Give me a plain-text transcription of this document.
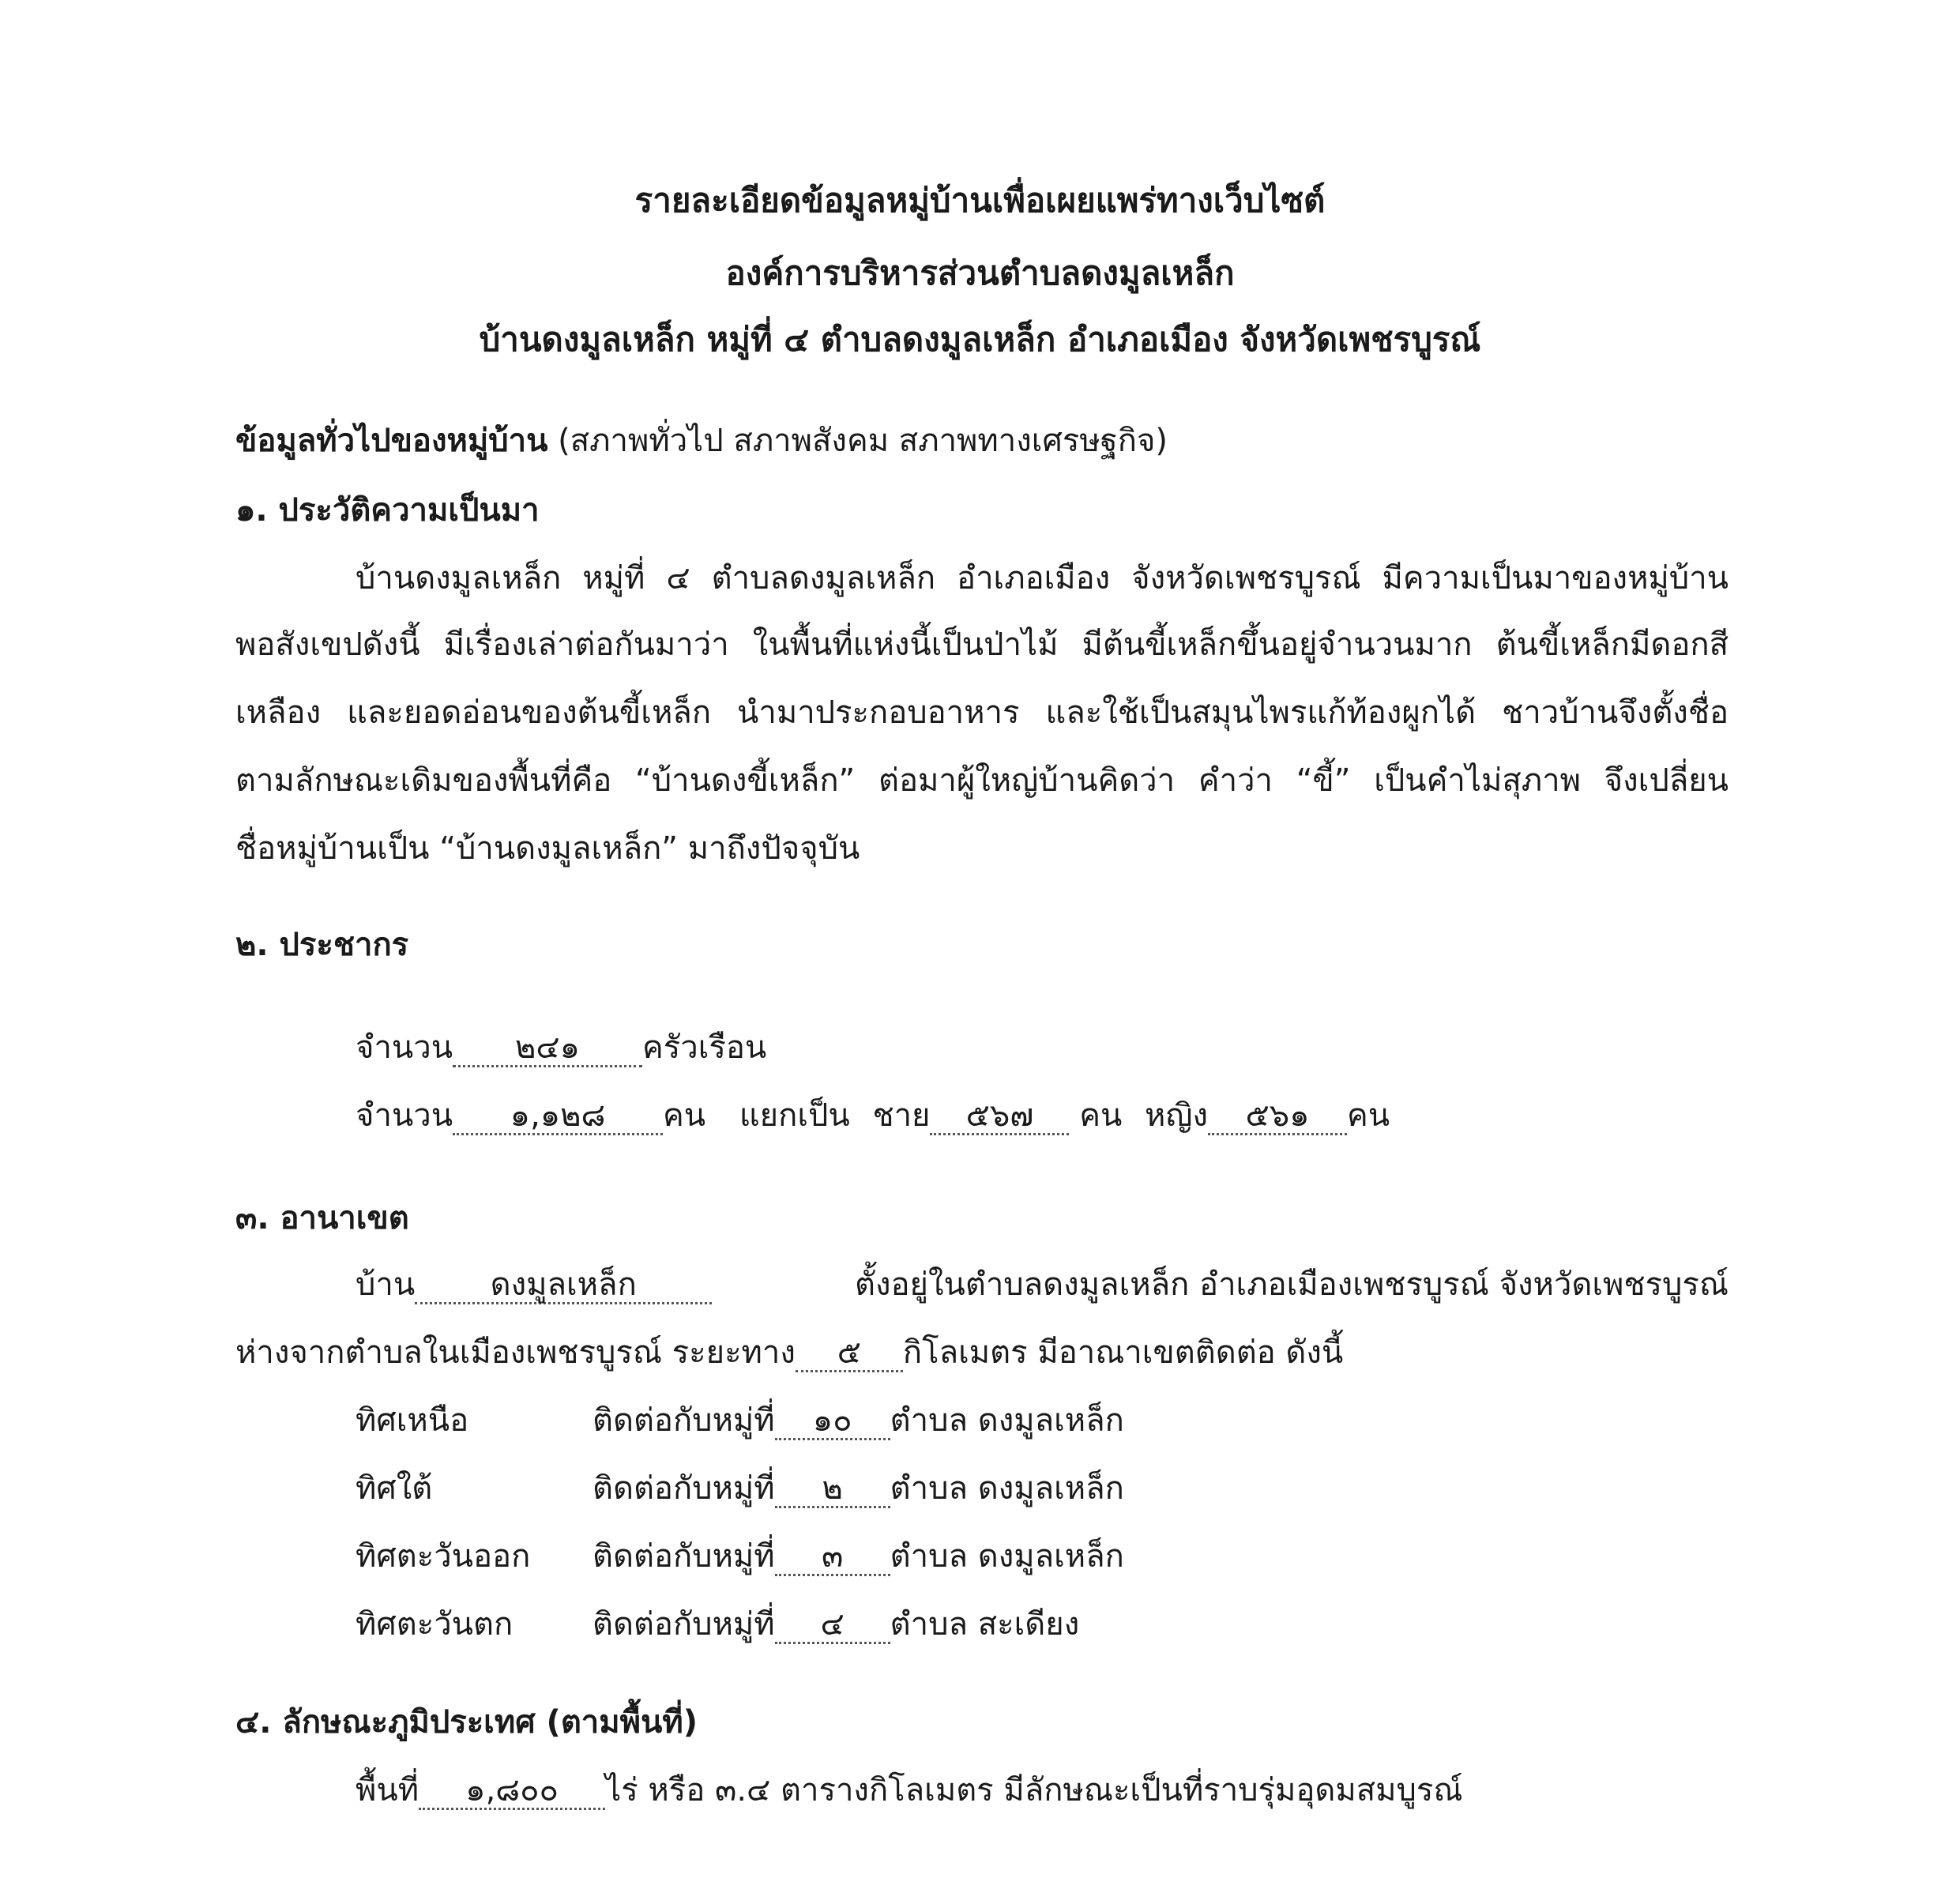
รายละเอียดข้อมูลหมู่บ้านเพื่อเผยแพร่ทางเว็บไซต์
องค์การบริหารส่วนตำบลดงมูลเหล็ก
บ้านดงมูลเหล็ก หมู่ที่ ๔ ตำบลดงมูลเหล็ก อำเภอเมือง จังหวัดเพชรบูรณ์
ข้อมูลทั่วไปของหมู่บ้าน (สภาพทั่วไป สภาพสังคม สภาพทางเศรษฐกิจ)
๑. ประวัติความเป็นมา
บ้านดงมูลเหล็ก หมู่ที่ ๔ ตำบลดงมูลเหล็ก อำเภอเมือง จังหวัดเพชรบูรณ์ มีความเป็นมาของหมู่บ้าน
พอสังเขปดังนี้ มีเรื่องเล่าต่อกันมาว่า ในพื้นที่แห่งนี้เป็นป่าไม้ มีต้นขี้เหล็กขึ้นอยู่จำนวนมาก ต้นขี้เหล็กมีดอกสี
เหลือง และยอดอ่อนของต้นขี้เหล็ก นำมาประกอบอาหาร และใช้เป็นสมุนไพรแก้ท้องผูกได้ ชาวบ้านจึงตั้งชื่อ
ตามลักษณะเดิมของพื้นที่คือ “บ้านดงขี้เหล็ก” ต่อมาผู้ใหญ่บ้านคิดว่า คำว่า “ขี้” เป็นคำไม่สุภาพ จึงเปลี่ยน
ชื่อหมู่บ้านเป็น “บ้านดงมูลเหล็ก” มาถึงปัจจุบัน
๒. ประชากร
จำนวน ๒๔๑ ครัวเรือน
จำนวน ๑,๑๒๘ คน แยกเป็น ชาย ๕๖๗ คน หญิง ๕๖๑ คน
๓. อานาเขต
บ้าน ดงมูลเหล็ก	ตั้งอยู่ในตำบลดงมูลเหล็ก อำเภอเมืองเพชรบูรณ์ จังหวัดเพชรบูรณ์
ห่างจากตำบลในเมืองเพชรบูรณ์ ระยะทาง ๕ กิโลเมตร มีอาณาเขตติดต่อ ดังนี้
ทิศเหนือ	ติดต่อกับหมู่ที่ ๑๐ ตำบล ดงมูลเหล็ก
ทิศใต้	ติดต่อกับหมู่ที่ ๒ ตำบล ดงมูลเหล็ก
ทิศตะวันออก ติดต่อกับหมู่ที่ ๓ ตำบล ดงมูลเหล็ก
ทิศตะวันตก	ติดต่อกับหมู่ที่ ๔ ตำบล สะเดียง
๔. ลักษณะภูมิประเทศ (ตามพื้นที่)
พื้นที่ ๑,๘๐๐ ไร่ หรือ ๓.๔ ตารางกิโลเมตร มีลักษณะเป็นที่ราบรุ่มอุดมสมบูรณ์
